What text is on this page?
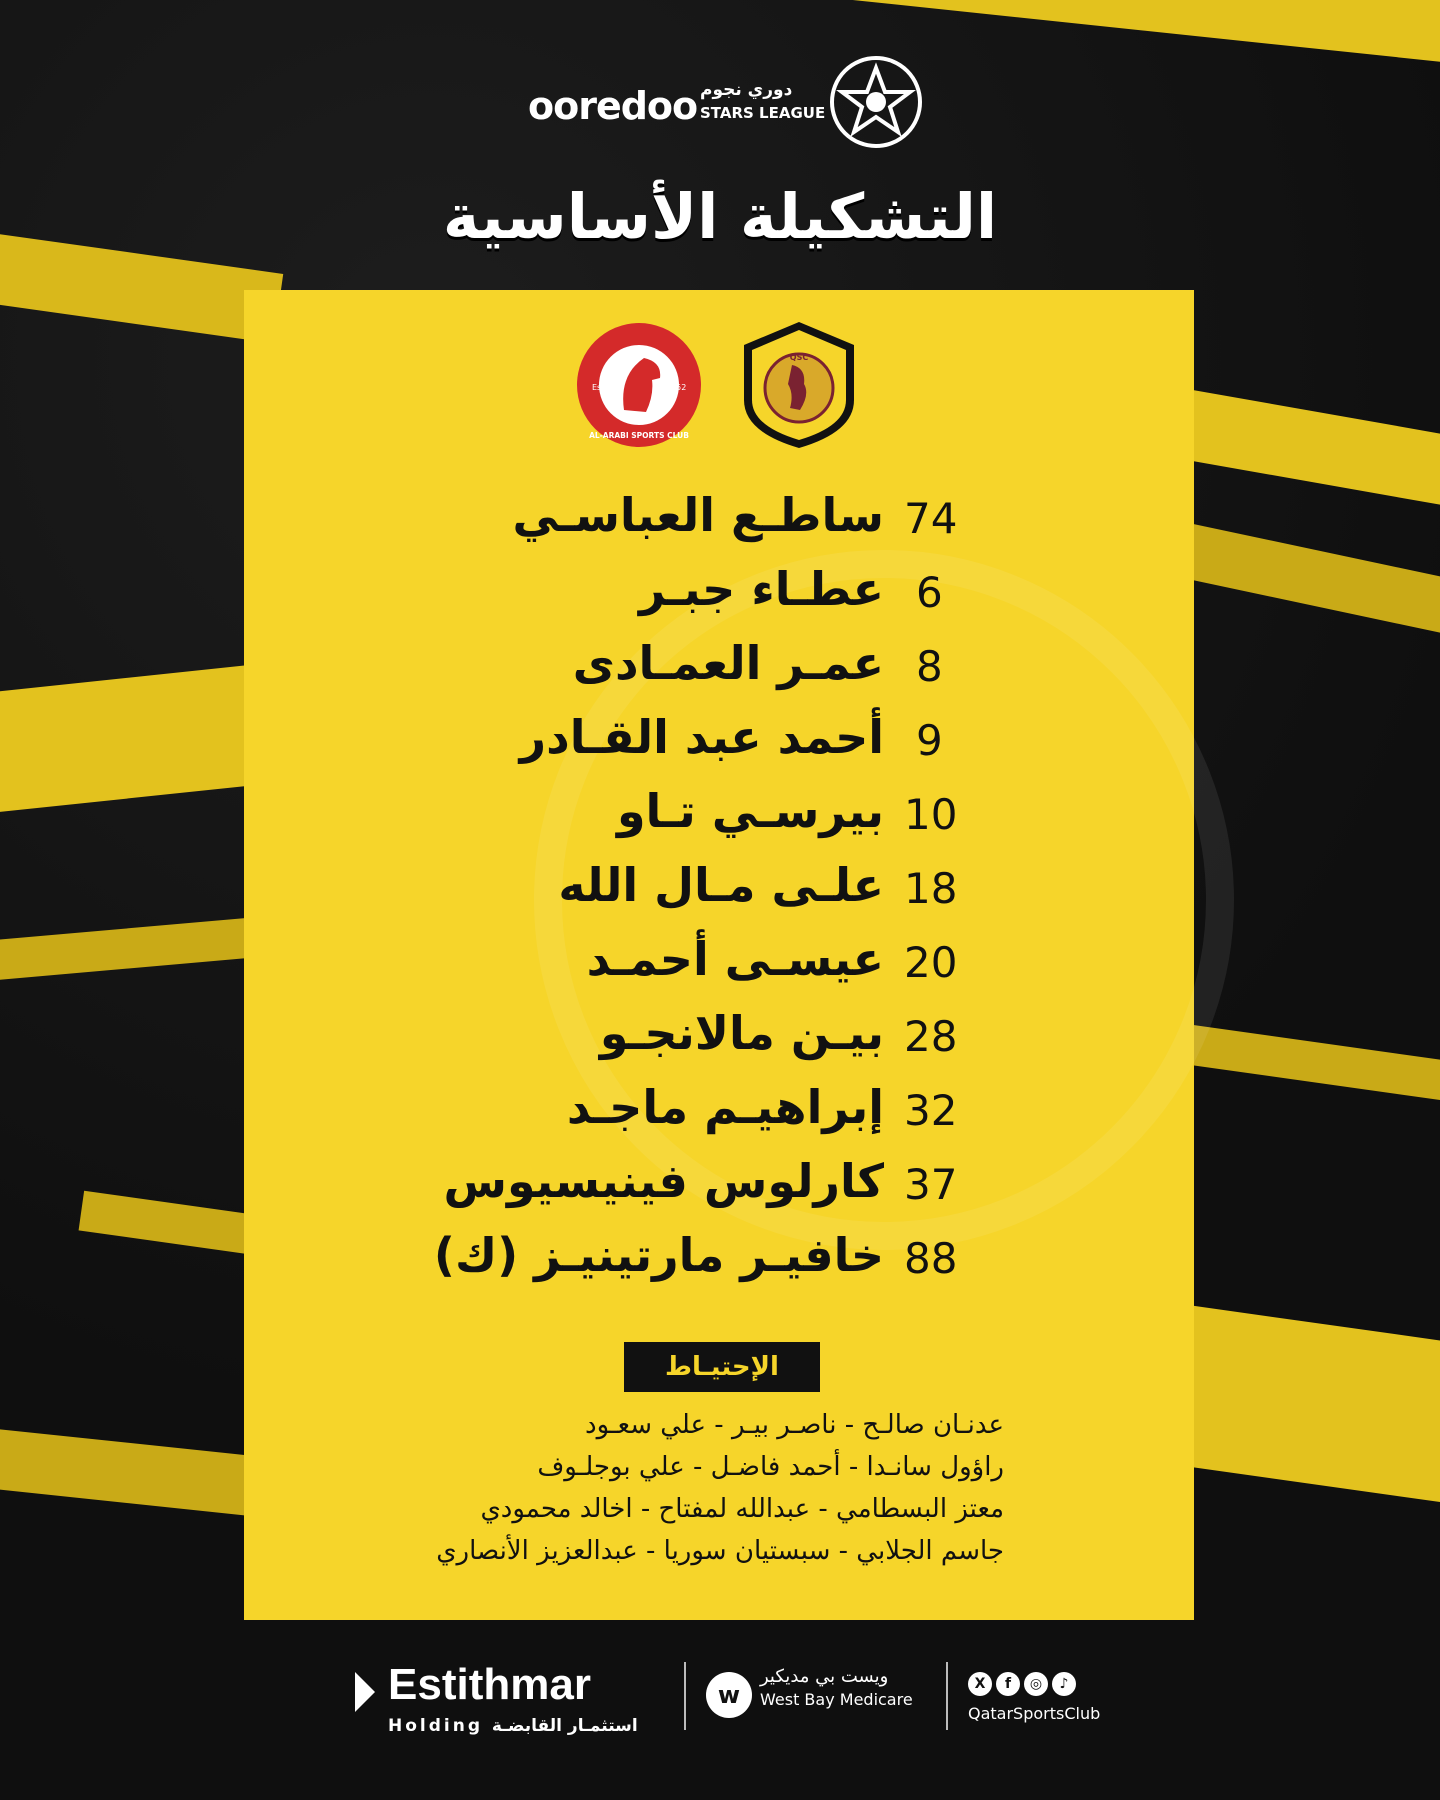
ooredoo دوري نجوم
STARS LEAGUE
التشكيلة الأساسية
Est.	1952
AL-ARABI SPORTS CLUB
QSC
ساطـع العباسـي 74
عطـاء جبـر 6
عمـر العمـادى 8
أحمد عبد القـادر 9
بيرسـي تـاو 10
علـى مـال الله 18
عيسـى أحمـد 20
بيـن مالانجـو 28
إبراهيـم ماجـد 32
كارلوس فينيسيوس 37
خافيـر مارتينيـز (ك) 88
الإحتيـاط
عدنـان صالـح - ناصـر بيـر - علي سعـود
راؤول سانـدا - أحمد فاضـل - علي بوجلـوف
معتز البسطامي - عبدالله لمفتاح - اخالد محمودي
جاسم الجلابي - سبستيان سوريا - عبدالعزيز الأنصاري
Estithmar
Holding استثمـار القابضـة
w
ويست بي مديكير
West Bay Medicare
X f ◎ ♪
QatarSportsClub
